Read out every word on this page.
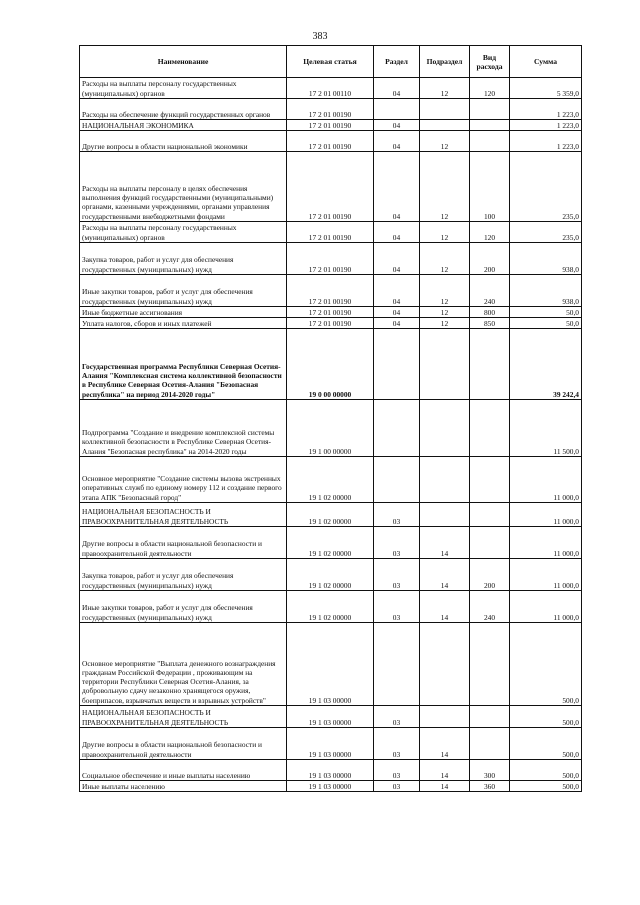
383
Наименование	Целевая статья	Раздел	Подраздел	Вид расхода	Сумма
Расходы на выплаты персоналу государственных (муниципальных) органов	17 2 01 00110	04	12	120	5 359,0
Расходы на обеспечение функций государственных органов	17 2 01 00190				1 223,0
НАЦИОНАЛЬНАЯ ЭКОНОМИКА	17 2 01 00190	04			1 223,0
Другие вопросы в области национальной экономики	17 2 01 00190	04	12		1 223,0
Расходы на выплаты персоналу в целях обеспечения выполнения функций государственными (муниципальными) органами, казенными учреждениями, органами управления государственными внебюджетными фондами	17 2 01 00190	04	12	100	235,0
Расходы на выплаты персоналу государственных (муниципальных) органов	17 2 01 00190	04	12	120	235,0
Закупка товаров, работ и услуг для обеспечения государственных (муниципальных) нужд	17 2 01 00190	04	12	200	938,0
Иные закупки товаров, работ и услуг для обеспечения государственных (муниципальных) нужд	17 2 01 00190	04	12	240	938,0
Иные бюджетные ассигнования	17 2 01 00190	04	12	800	50,0
Уплата налогов, сборов и иных платежей	17 2 01 00190	04	12	850	50,0
Государственная программа Республики Северная Осетия-Алания "Комплексная система коллективной безопасности в Республике Северная Осетия-Алания "Безопасная республика" на период 2014-2020 годы"	19 0 00 00000				39 242,4
Подпрограмма "Создание и внедрение комплексной системы коллективной безопасности в Республике Северная Осетия-Алания "Безопасная республика" на 2014-2020 годы	19 1 00 00000				11 500,0
Основное мероприятие "Создание системы вызова экстренных оперативных служб по единому номеру 112 и создание первого этапа АПК "Безопасный город"	19 1 02 00000				11 000,0
НАЦИОНАЛЬНАЯ БЕЗОПАСНОСТЬ И ПРАВООХРАНИТЕЛЬНАЯ ДЕЯТЕЛЬНОСТЬ	19 1 02 00000	03			11 000,0
Другие вопросы в области национальной безопасности и правоохранительной деятельности	19 1 02 00000	03	14		11 000,0
Закупка товаров, работ и услуг для обеспечения государственных (муниципальных) нужд	19 1 02 00000	03	14	200	11 000,0
Иные закупки товаров, работ и услуг для обеспечения государственных (муниципальных) нужд	19 1 02 00000	03	14	240	11 000,0
Основное мероприятие "Выплата денежного вознаграждения гражданам Российской Федерации , проживающим на территории Республики Северная Осетия-Алания, за добровольную сдачу незаконно хранящегося оружия, боеприпасов, взрывчатых веществ и взрывных устройств"	19 1 03 00000				500,0
НАЦИОНАЛЬНАЯ БЕЗОПАСНОСТЬ И ПРАВООХРАНИТЕЛЬНАЯ ДЕЯТЕЛЬНОСТЬ	19 1 03 00000	03			500,0
Другие вопросы в области национальной безопасности и правоохранительной деятельности	19 1 03 00000	03	14		500,0
Социальное обеспечение и иные выплаты населению	19 1 03 00000	03	14	300	500,0
Иные выплаты населению	19 1 03 00000	03	14	360	500,0
